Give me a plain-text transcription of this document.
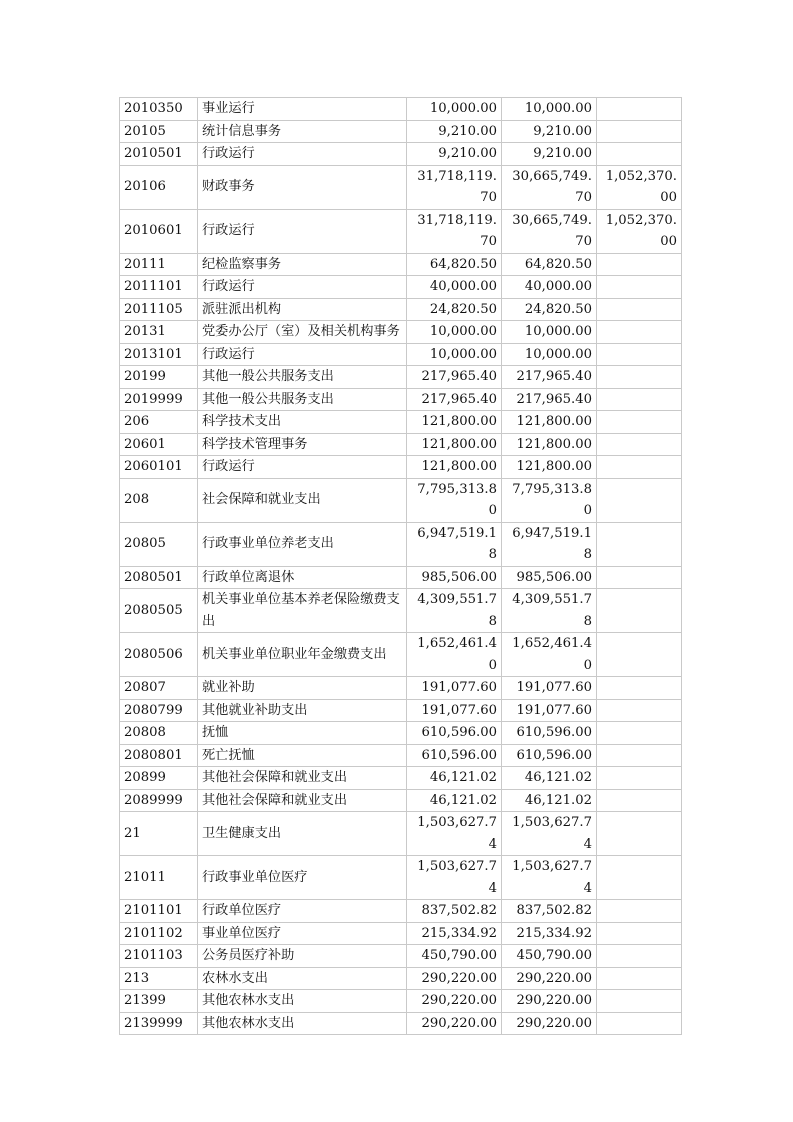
2010350	事业运行	10,000.00	10,000.00	
20105	统计信息事务	9,210.00	9,210.00	
2010501	行政运行	9,210.00	9,210.00	
20106	财政事务	31,718,119.70	30,665,749.70	1,052,370.00
2010601	行政运行	31,718,119.70	30,665,749.70	1,052,370.00
20111	纪检监察事务	64,820.50	64,820.50	
2011101	行政运行	40,000.00	40,000.00	
2011105	派驻派出机构	24,820.50	24,820.50	
20131	党委办公厅（室）及相关机构事务	10,000.00	10,000.00	
2013101	行政运行	10,000.00	10,000.00	
20199	其他一般公共服务支出	217,965.40	217,965.40	
2019999	其他一般公共服务支出	217,965.40	217,965.40	
206	科学技术支出	121,800.00	121,800.00	
20601	科学技术管理事务	121,800.00	121,800.00	
2060101	行政运行	121,800.00	121,800.00	
208	社会保障和就业支出	7,795,313.80	7,795,313.80	
20805	行政事业单位养老支出	6,947,519.18	6,947,519.18	
2080501	行政单位离退休	985,506.00	985,506.00	
2080505	机关事业单位基本养老保险缴费支出	4,309,551.78	4,309,551.78	
2080506	机关事业单位职业年金缴费支出	1,652,461.40	1,652,461.40	
20807	就业补助	191,077.60	191,077.60	
2080799	其他就业补助支出	191,077.60	191,077.60	
20808	抚恤	610,596.00	610,596.00	
2080801	死亡抚恤	610,596.00	610,596.00	
20899	其他社会保障和就业支出	46,121.02	46,121.02	
2089999	其他社会保障和就业支出	46,121.02	46,121.02	
21	卫生健康支出	1,503,627.74	1,503,627.74	
21011	行政事业单位医疗	1,503,627.74	1,503,627.74	
2101101	行政单位医疗	837,502.82	837,502.82	
2101102	事业单位医疗	215,334.92	215,334.92	
2101103	公务员医疗补助	450,790.00	450,790.00	
213	农林水支出	290,220.00	290,220.00	
21399	其他农林水支出	290,220.00	290,220.00	
2139999	其他农林水支出	290,220.00	290,220.00	
